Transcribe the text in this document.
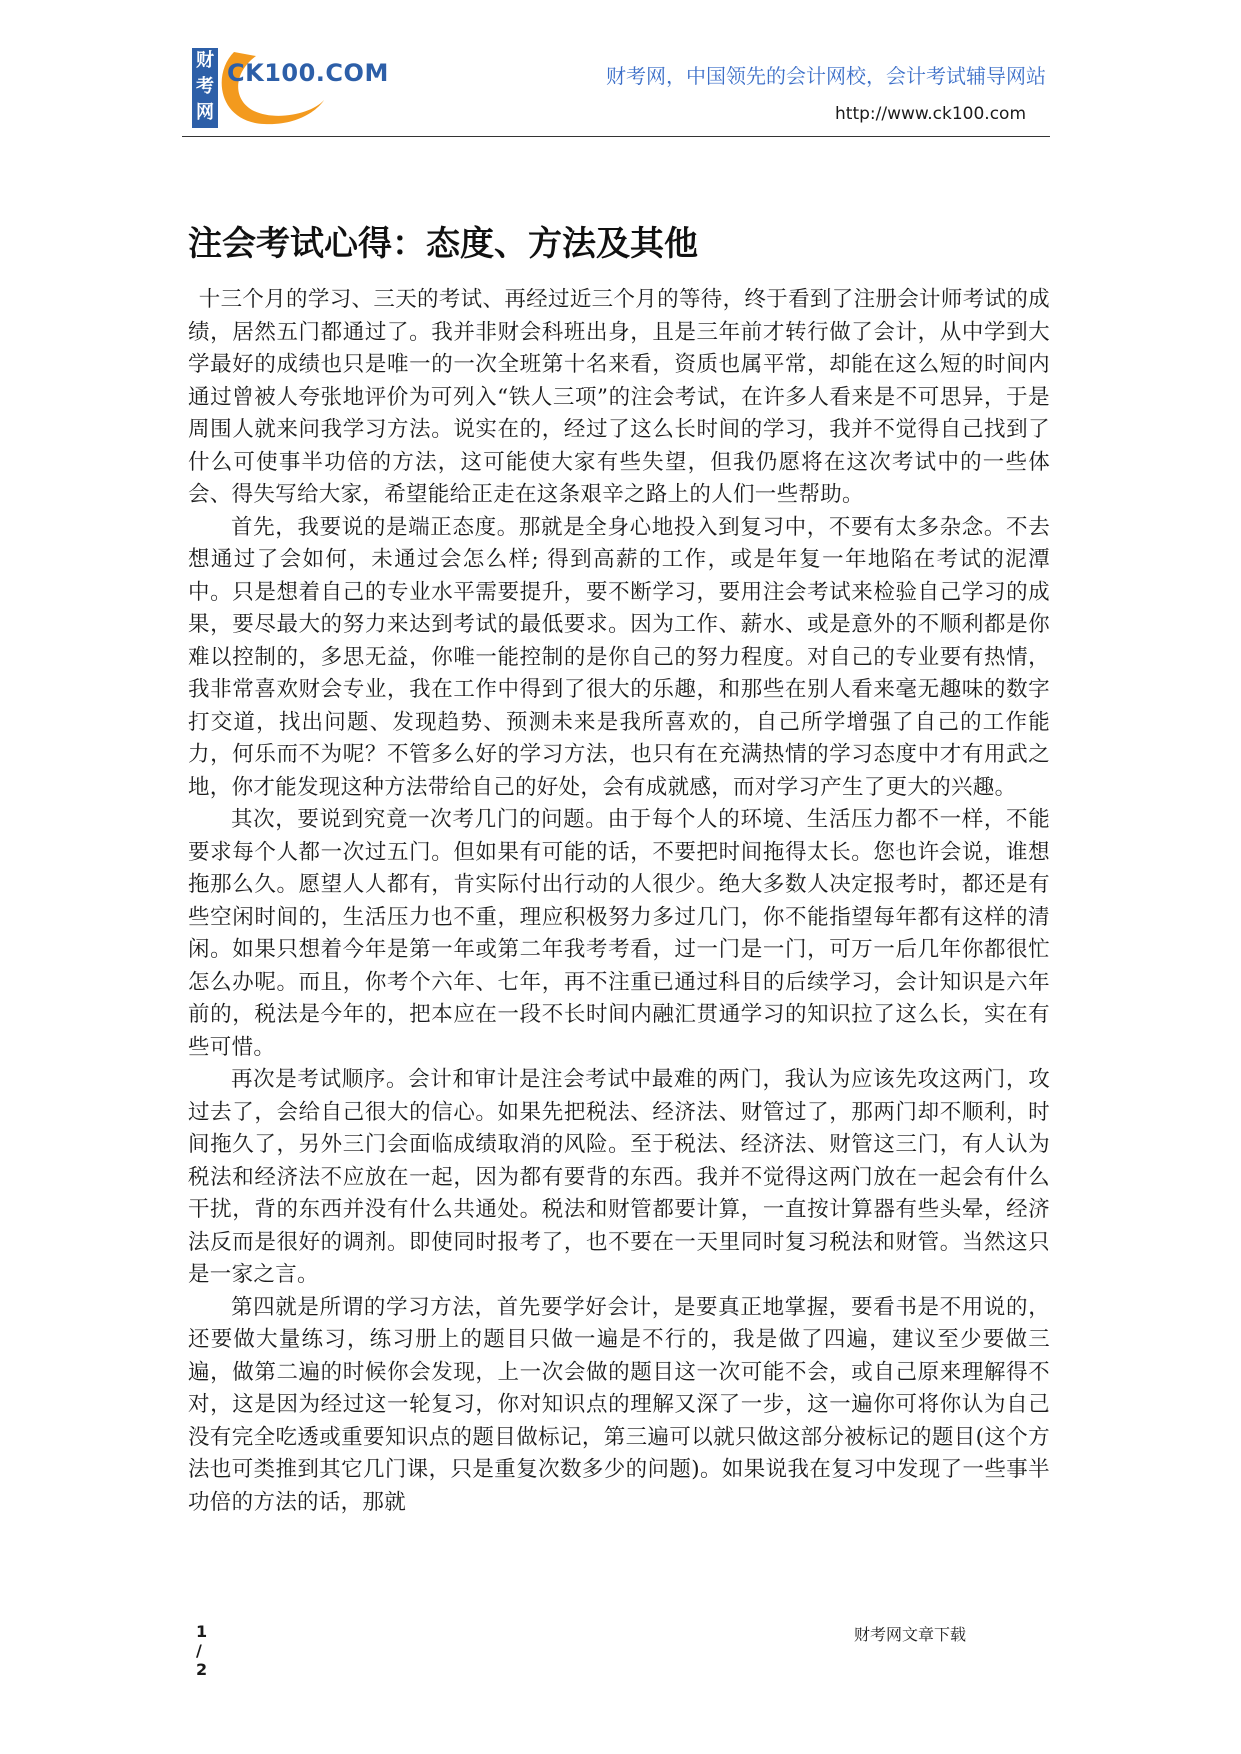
财
考
网
CK100.COM	财考网，中国领先的会计网校，会计考试辅导网站
http://www.ck100.com
注会考试心得：态度、方法及其他

十三个月的学习、三天的考试、再经过近三个月的等待，终于看到了注册会计师考试的成绩，居然五门都通过了。我并非财会科班出身，且是三年前才转行做了会计，从中学到大学最好的成绩也只是唯一的一次全班第十名来看，资质也属平常，却能在这么短的时间内通过曾被人夸张地评价为可列入“铁人三项”的注会考试，在许多人看来是不可思异，于是周围人就来问我学习方法。说实在的，经过了这么长时间的学习，我并不觉得自己找到了什么可使事半功倍的方法，这可能使大家有些失望，但我仍愿将在这次考试中的一些体会、得失写给大家，希望能给正走在这条艰辛之路上的人们一些帮助。

首先，我要说的是端正态度。那就是全身心地投入到复习中，不要有太多杂念。不去想通过了会如何，未通过会怎么样; 得到高薪的工作，或是年复一年地陷在考试的泥潭中。只是想着自己的专业水平需要提升，要不断学习，要用注会考试来检验自己学习的成果，要尽最大的努力来达到考试的最低要求。因为工作、薪水、或是意外的不顺利都是你难以控制的，多思无益，你唯一能控制的是你自己的努力程度。对自己的专业要有热情，我非常喜欢财会专业，我在工作中得到了很大的乐趣，和那些在别人看来毫无趣味的数字打交道，找出问题、发现趋势、预测未来是我所喜欢的，自己所学增强了自己的工作能力，何乐而不为呢？不管多么好的学习方法，也只有在充满热情的学习态度中才有用武之地，你才能发现这种方法带给自己的好处，会有成就感，而对学习产生了更大的兴趣。

其次，要说到究竟一次考几门的问题。由于每个人的环境、生活压力都不一样，不能要求每个人都一次过五门。但如果有可能的话，不要把时间拖得太长。您也许会说，谁想拖那么久。愿望人人都有，肯实际付出行动的人很少。绝大多数人决定报考时，都还是有些空闲时间的，生活压力也不重，理应积极努力多过几门，你不能指望每年都有这样的清闲。如果只想着今年是第一年或第二年我考考看，过一门是一门，可万一后几年你都很忙怎么办呢。而且，你考个六年、七年，再不注重已通过科目的后续学习，会计知识是六年前的，税法是今年的，把本应在一段不长时间内融汇贯通学习的知识拉了这么长，实在有些可惜。

再次是考试顺序。会计和审计是注会考试中最难的两门，我认为应该先攻这两门，攻过去了，会给自己很大的信心。如果先把税法、经济法、财管过了，那两门却不顺利，时间拖久了，另外三门会面临成绩取消的风险。至于税法、经济法、财管这三门，有人认为税法和经济法不应放在一起，因为都有要背的东西。我并不觉得这两门放在一起会有什么干扰，背的东西并没有什么共通处。税法和财管都要计算，一直按计算器有些头晕，经济法反而是很好的调剂。即使同时报考了，也不要在一天里同时复习税法和财管。当然这只是一家之言。

第四就是所谓的学习方法，首先要学好会计，是要真正地掌握，要看书是不用说的，还要做大量练习，练习册上的题目只做一遍是不行的，我是做了四遍，建议至少要做三遍，做第二遍的时候你会发现，上一次会做的题目这一次可能不会，或自己原来理解得不对，这是因为经过这一轮复习，你对知识点的理解又深了一步，这一遍你可将你认为自己没有完全吃透或重要知识点的题目做标记，第三遍可以就只做这部分被标记的题目(这个方法也可类推到其它几门课，只是重复次数多少的问题)。如果说我在复习中发现了一些事半功倍的方法的话，那就

1 / 2
财考网文章下载
